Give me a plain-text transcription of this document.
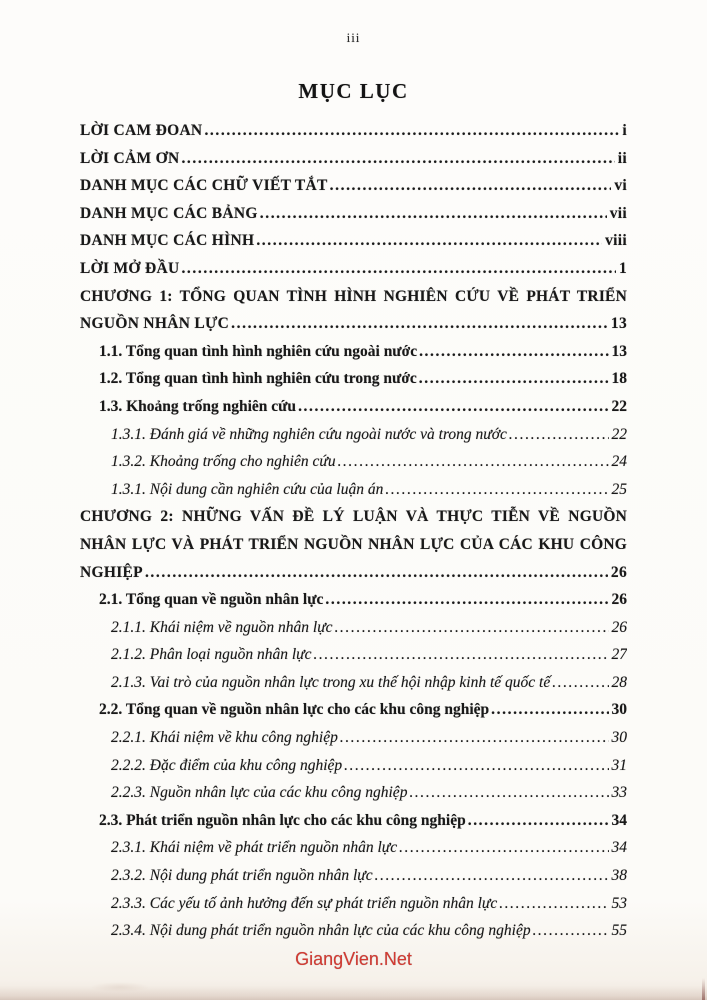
iii
MỤC LỤC
LỜI CAM ĐOAN .....	i
LỜI CẢM ƠN .....	ii
DANH MỤC CÁC CHỮ VIẾT TẮT .....	vi
DANH MỤC CÁC BẢNG .....	vii
DANH MỤC CÁC HÌNH .....	viii
LỜI MỞ ĐẦU .....	1
CHƯƠNG 1: TỔNG QUAN TÌNH HÌNH NGHIÊN CỨU VỀ PHÁT TRIỂN
NGUỒN NHÂN LỰC .....	13
1.1. Tổng quan tình hình nghiên cứu ngoài nước .....	13
1.2. Tổng quan tình hình nghiên cứu trong nước .....	18
1.3. Khoảng trống nghiên cứu .....	22
1.3.1. Đánh giá về những nghiên cứu ngoài nước và trong nước .....	22
1.3.2. Khoảng trống cho nghiên cứu .....	24
1.3.1. Nội dung cần nghiên cứu của luận án .....	25
CHƯƠNG 2: NHỮNG VẤN ĐỀ LÝ LUẬN VÀ THỰC TIỄN VỀ NGUỒN
NHÂN LỰC VÀ PHÁT TRIỂN NGUỒN NHÂN LỰC CỦA CÁC KHU CÔNG
NGHIỆP .....	26
2.1. Tổng quan về nguồn nhân lực .....	26
2.1.1. Khái niệm về nguồn nhân lực .....	26
2.1.2. Phân loại nguồn nhân lực .....	27
2.1.3. Vai trò của nguồn nhân lực trong xu thế hội nhập kinh tế quốc tế .....	28
2.2. Tổng quan về nguồn nhân lực cho các khu công nghiệp .....	30
2.2.1. Khái niệm về khu công nghiệp .....	30
2.2.2. Đặc điểm của khu công nghiệp .....	31
2.2.3. Nguồn nhân lực của các khu công nghiệp .....	33
2.3. Phát triển nguồn nhân lực cho các khu công nghiệp .....	34
2.3.1. Khái niệm về phát triển nguồn nhân lực .....	34
2.3.2. Nội dung phát triển nguồn nhân lực .....	38
2.3.3. Các yếu tố ảnh hưởng đến sự phát triển nguồn nhân lực .....	53
2.3.4. Nội dung phát triển nguồn nhân lực của các khu công nghiệp .....	55
GiangVien.Net
